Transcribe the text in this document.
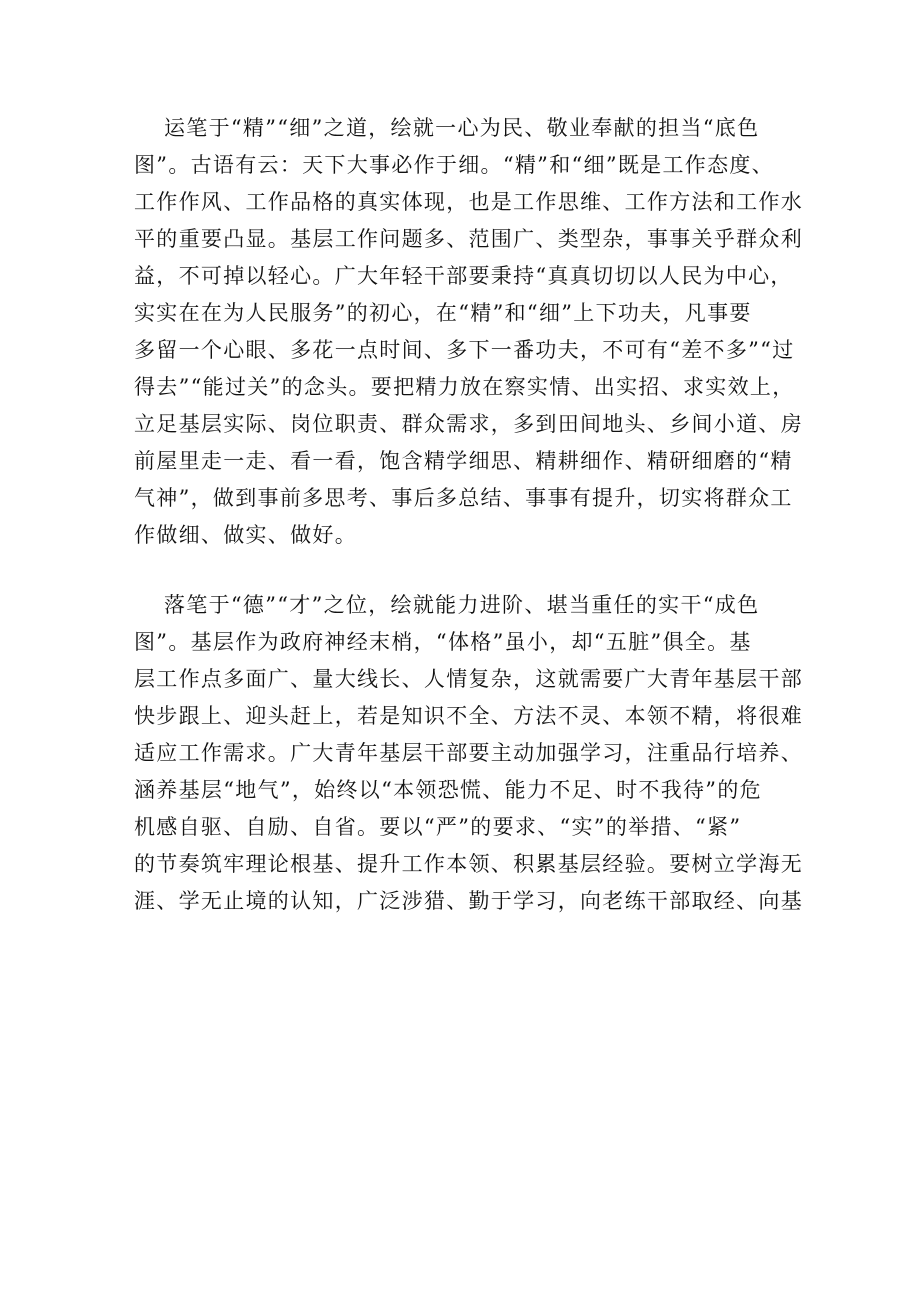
运笔于“精”“细”之道，绘就一心为民、敬业奉献的担当“底色

图”。古语有云：天下大事必作于细。“精”和“细”既是工作态度、

工作作风、工作品格的真实体现，也是工作思维、工作方法和工作水

平的重要凸显。基层工作问题多、范围广、类型杂，事事关乎群众利

益，不可掉以轻心。广大年轻干部要秉持“真真切切以人民为中心，

实实在在为人民服务”的初心，在“精”和“细”上下功夫，凡事要

多留一个心眼、多花一点时间、多下一番功夫，不可有“差不多”“过

得去”“能过关”的念头。要把精力放在察实情、出实招、求实效上，

立足基层实际、岗位职责、群众需求，多到田间地头、乡间小道、房

前屋里走一走、看一看，饱含精学细思、精耕细作、精研细磨的“精

气神”，做到事前多思考、事后多总结、事事有提升，切实将群众工

作做细、做实、做好。

落笔于“德”“才”之位，绘就能力进阶、堪当重任的实干“成色

图”。基层作为政府神经末梢，“体格”虽小，却“五脏”俱全。基

层工作点多面广、量大线长、人情复杂，这就需要广大青年基层干部

快步跟上、迎头赶上，若是知识不全、方法不灵、本领不精，将很难

适应工作需求。广大青年基层干部要主动加强学习，注重品行培养、

涵养基层“地气”，始终以“本领恐慌、能力不足、时不我待”的危

机感自驱、自励、自省。要以“严”的要求、“实”的举措、“紧”

的节奏筑牢理论根基、提升工作本领、积累基层经验。要树立学海无

涯、学无止境的认知，广泛涉猎、勤于学习，向老练干部取经、向基
